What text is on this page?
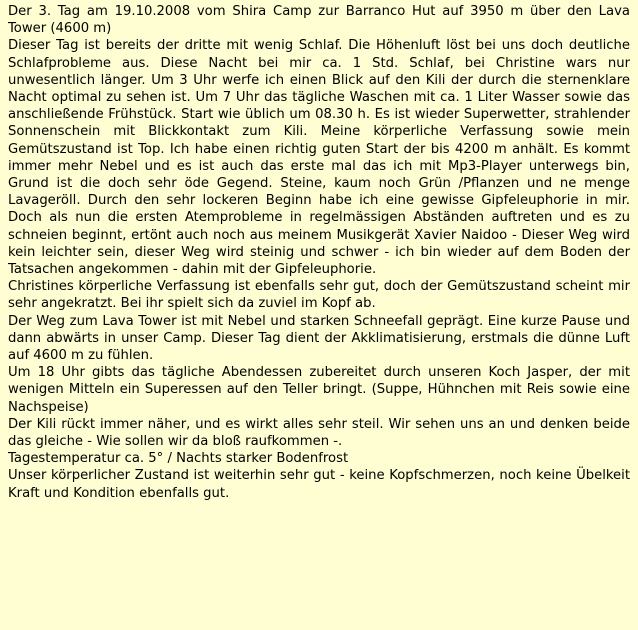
Der 3. Tag am 19.10.2008 vom Shira Camp zur Barranco Hut auf 3950 m über den Lava Tower (4600 m)

Dieser Tag ist bereits der dritte mit wenig Schlaf. Die Höhenluft löst bei uns doch deutliche Schlafprobleme aus. Diese Nacht bei mir ca. 1 Std. Schlaf, bei Christine wars nur unwesentlich länger. Um 3 Uhr werfe ich einen Blick auf den Kili der durch die sternenklare Nacht optimal zu sehen ist. Um 7 Uhr das tägliche Waschen mit ca. 1 Liter Wasser sowie das anschließende Frühstück. Start wie üblich um 08.30 h. Es ist wieder Superwetter, strahlender Sonnenschein mit Blickkontakt zum Kili. Meine körperliche Verfassung sowie mein Gemütszustand ist Top. Ich habe einen richtig guten Start der bis 4200 m anhält. Es kommt immer mehr Nebel und es ist auch das erste mal das ich mit Mp3-Player unterwegs bin, Grund ist die doch sehr öde Gegend. Steine, kaum noch Grün /Pflanzen und ne menge Lavageröll. Durch den sehr lockeren Beginn habe ich eine gewisse Gipfeleuphorie in mir. Doch als nun die ersten Atemprobleme in regelmässigen Abständen auftreten und es zu schneien beginnt, ertönt auch noch aus meinem Musikgerät Xavier Naidoo - Dieser Weg wird kein leichter sein, dieser Weg wird steinig und schwer - ich bin wieder auf dem Boden der Tatsachen angekommen - dahin mit der Gipfeleuphorie.

Christines körperliche Verfassung ist ebenfalls sehr gut, doch der Gemütszustand scheint mir sehr angekratzt. Bei ihr spielt sich da zuviel im Kopf ab.

Der Weg zum Lava Tower ist mit Nebel und starken Schneefall geprägt. Eine kurze Pause und dann abwärts in unser Camp. Dieser Tag dient der Akklimatisierung, erstmals die dünne Luft auf 4600 m zu fühlen.

Um 18 Uhr gibts das tägliche Abendessen zubereitet durch unseren Koch Jasper, der mit wenigen Mitteln ein Superessen auf den Teller bringt. (Suppe, Hühnchen mit Reis sowie eine Nachspeise)

Der Kili rückt immer näher, und es wirkt alles sehr steil. Wir sehen uns an und denken beide das gleiche - Wie sollen wir da bloß raufkommen -.

Tagestemperatur ca. 5° / Nachts starker Bodenfrost

Unser körperlicher Zustand ist weiterhin sehr gut - keine Kopfschmerzen, noch keine Übelkeit Kraft und Kondition ebenfalls gut.
